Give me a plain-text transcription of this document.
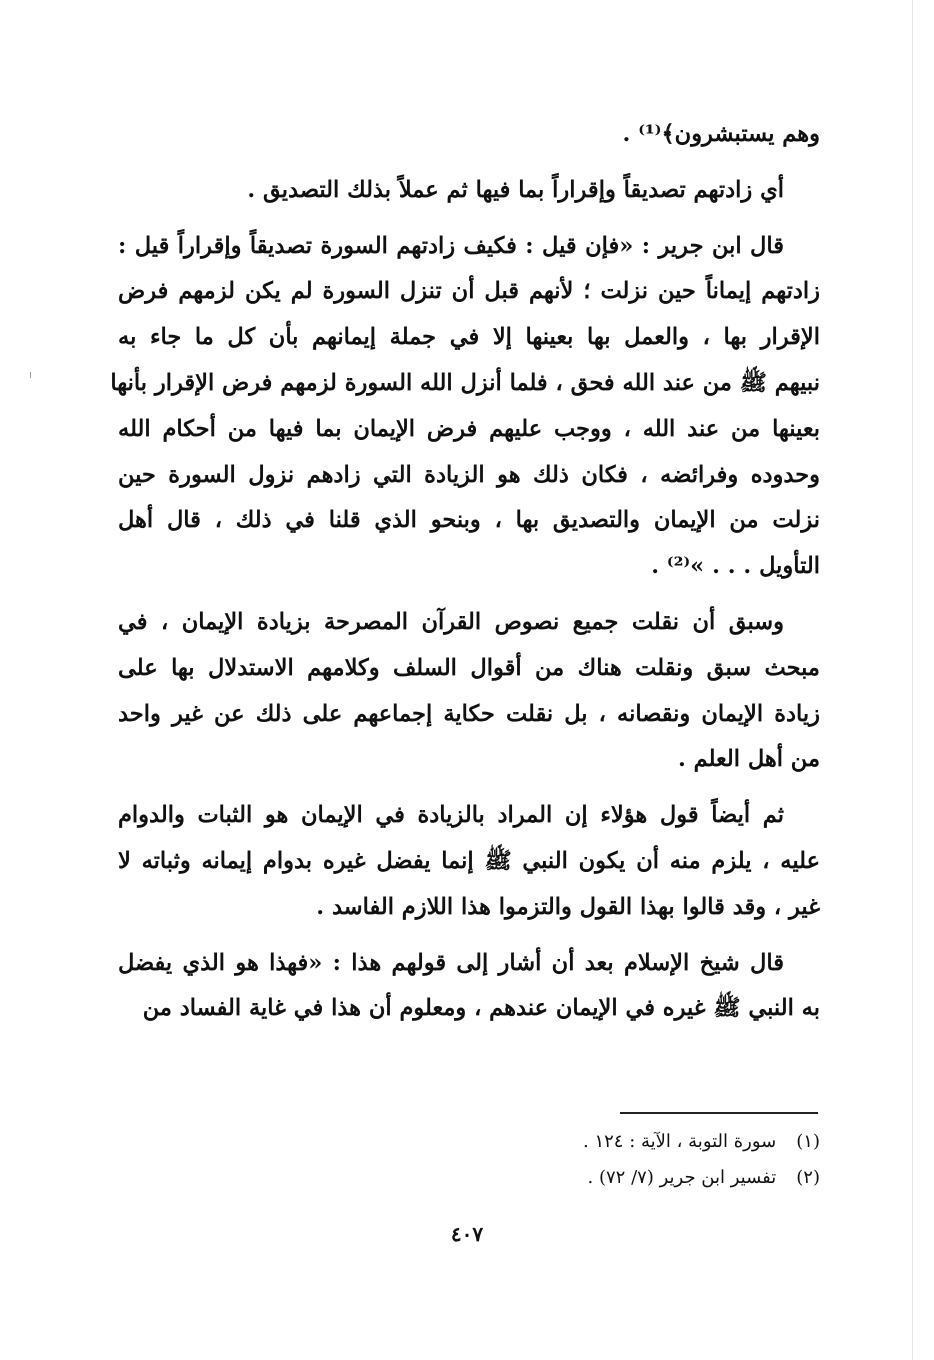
وهم يستبشرون﴾⁽¹⁾ .
أي زادتهم تصديقاً وإقراراً بما فيها ثم عملاً بذلك التصديق .
قال ابن جرير : «فإن قيل : فكيف زادتهم السورة تصديقاً وإقراراً قيل :
زادتهم إيماناً حين نزلت ؛ لأنهم قبل أن تنزل السورة لم يكن لزمهم فرض
الإقرار بها ، والعمل بها بعينها إلا في جملة إيمانهم بأن كل ما جاء به
نبيهم ﷺ من عند الله فحق ، فلما أنزل الله السورة لزمهم فرض الإقرار بأنها
بعينها من عند الله ، ووجب عليهم فرض الإيمان بما فيها من أحكام الله
وحدوده وفرائضه ، فكان ذلك هو الزيادة التي زادهم نزول السورة حين
نزلت من الإيمان والتصديق بها ، وبنحو الذي قلنا في ذلك ، قال أهل
التأويل . . . »⁽²⁾ .
وسبق أن نقلت جميع نصوص القرآن المصرحة بزيادة الإيمان ، في
مبحث سبق ونقلت هناك من أقوال السلف وكلامهم الاستدلال بها على
زيادة الإيمان ونقصانه ، بل نقلت حكاية إجماعهم على ذلك عن غير واحد
من أهل العلم .
ثم أيضاً قول هؤلاء إن المراد بالزيادة في الإيمان هو الثبات والدوام
عليه ، يلزم منه أن يكون النبي ﷺ إنما يفضل غيره بدوام إيمانه وثباته لا
غير ، وقد قالوا بهذا القول والتزموا هذا اللازم الفاسد .
قال شيخ الإسلام بعد أن أشار إلى قولهم هذا : «فهذا هو الذي يفضل
به النبي ﷺ غيره في الإيمان عندهم ، ومعلوم أن هذا في غاية الفساد من
(١) سورة التوبة ، الآية : ١٢٤ .
(٢) تفسير ابن جرير (٧/ ٧٢) .
٤٠٧
